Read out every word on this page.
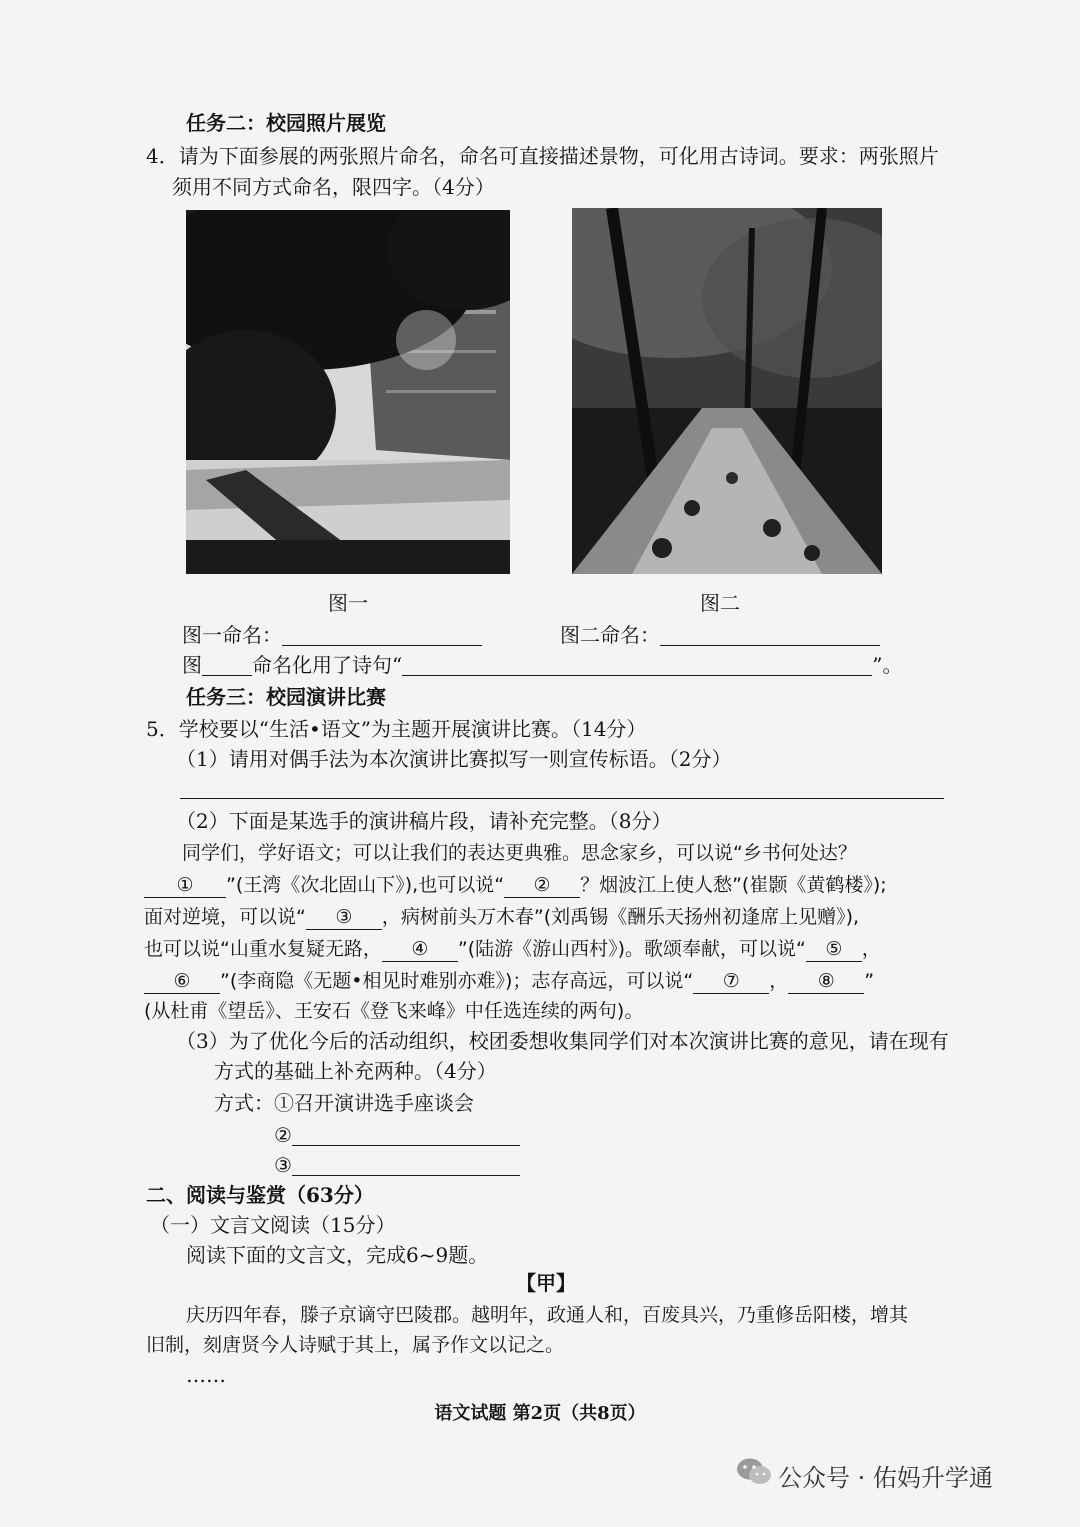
任务二：校园照片展览
4．请为下面参展的两张照片命名，命名可直接描述景物，可化用古诗词。要求：两张照片
须用不同方式命名，限四字。（4分）
图一	图二
图一命名：	图二命名：
图	命名化用了诗句“	”。
任务三：校园演讲比赛
5．学校要以“生活•语文”为主题开展演讲比赛。（14分）
（1）请用对偶手法为本次演讲比赛拟写一则宣传标语。（2分）
（2）下面是某选手的演讲稿片段，请补充完整。（8分）
同学们，学好语文；可以让我们的表达更典雅。思念家乡，可以说“乡书何处达？
① ”(王湾《次北固山下》),也可以说“ ② ？烟波江上使人愁”(崔颢《黄鹤楼》);
面对逆境，可以说“ ③ ，病树前头万木春”(刘禹锡《酬乐天扬州初逢席上见赠》),
也可以说“山重水复疑无路， ④ ”(陆游《游山西村》)。歌颂奉献，可以说“ ⑤ ，
⑥ ”(李商隐《无题•相见时难别亦难》)；志存高远，可以说“ ⑦ ， ⑧ ”
(从杜甫《望岳》、王安石《登飞来峰》中任选连续的两句)。
（3）为了优化今后的活动组织，校团委想收集同学们对本次演讲比赛的意见，请在现有
方式的基础上补充两种。（4分）
方式：①召开演讲选手座谈会
②
③
二、阅读与鉴赏（63分）
（一）文言文阅读（15分）
阅读下面的文言文，完成6~9题。
【甲】
庆历四年春，滕子京谪守巴陵郡。越明年，政通人和，百废具兴，乃重修岳阳楼，增其
旧制，刻唐贤今人诗赋于其上，属予作文以记之。
……
语文试题 第2页（共8页）
公众号 · 佑妈升学通
